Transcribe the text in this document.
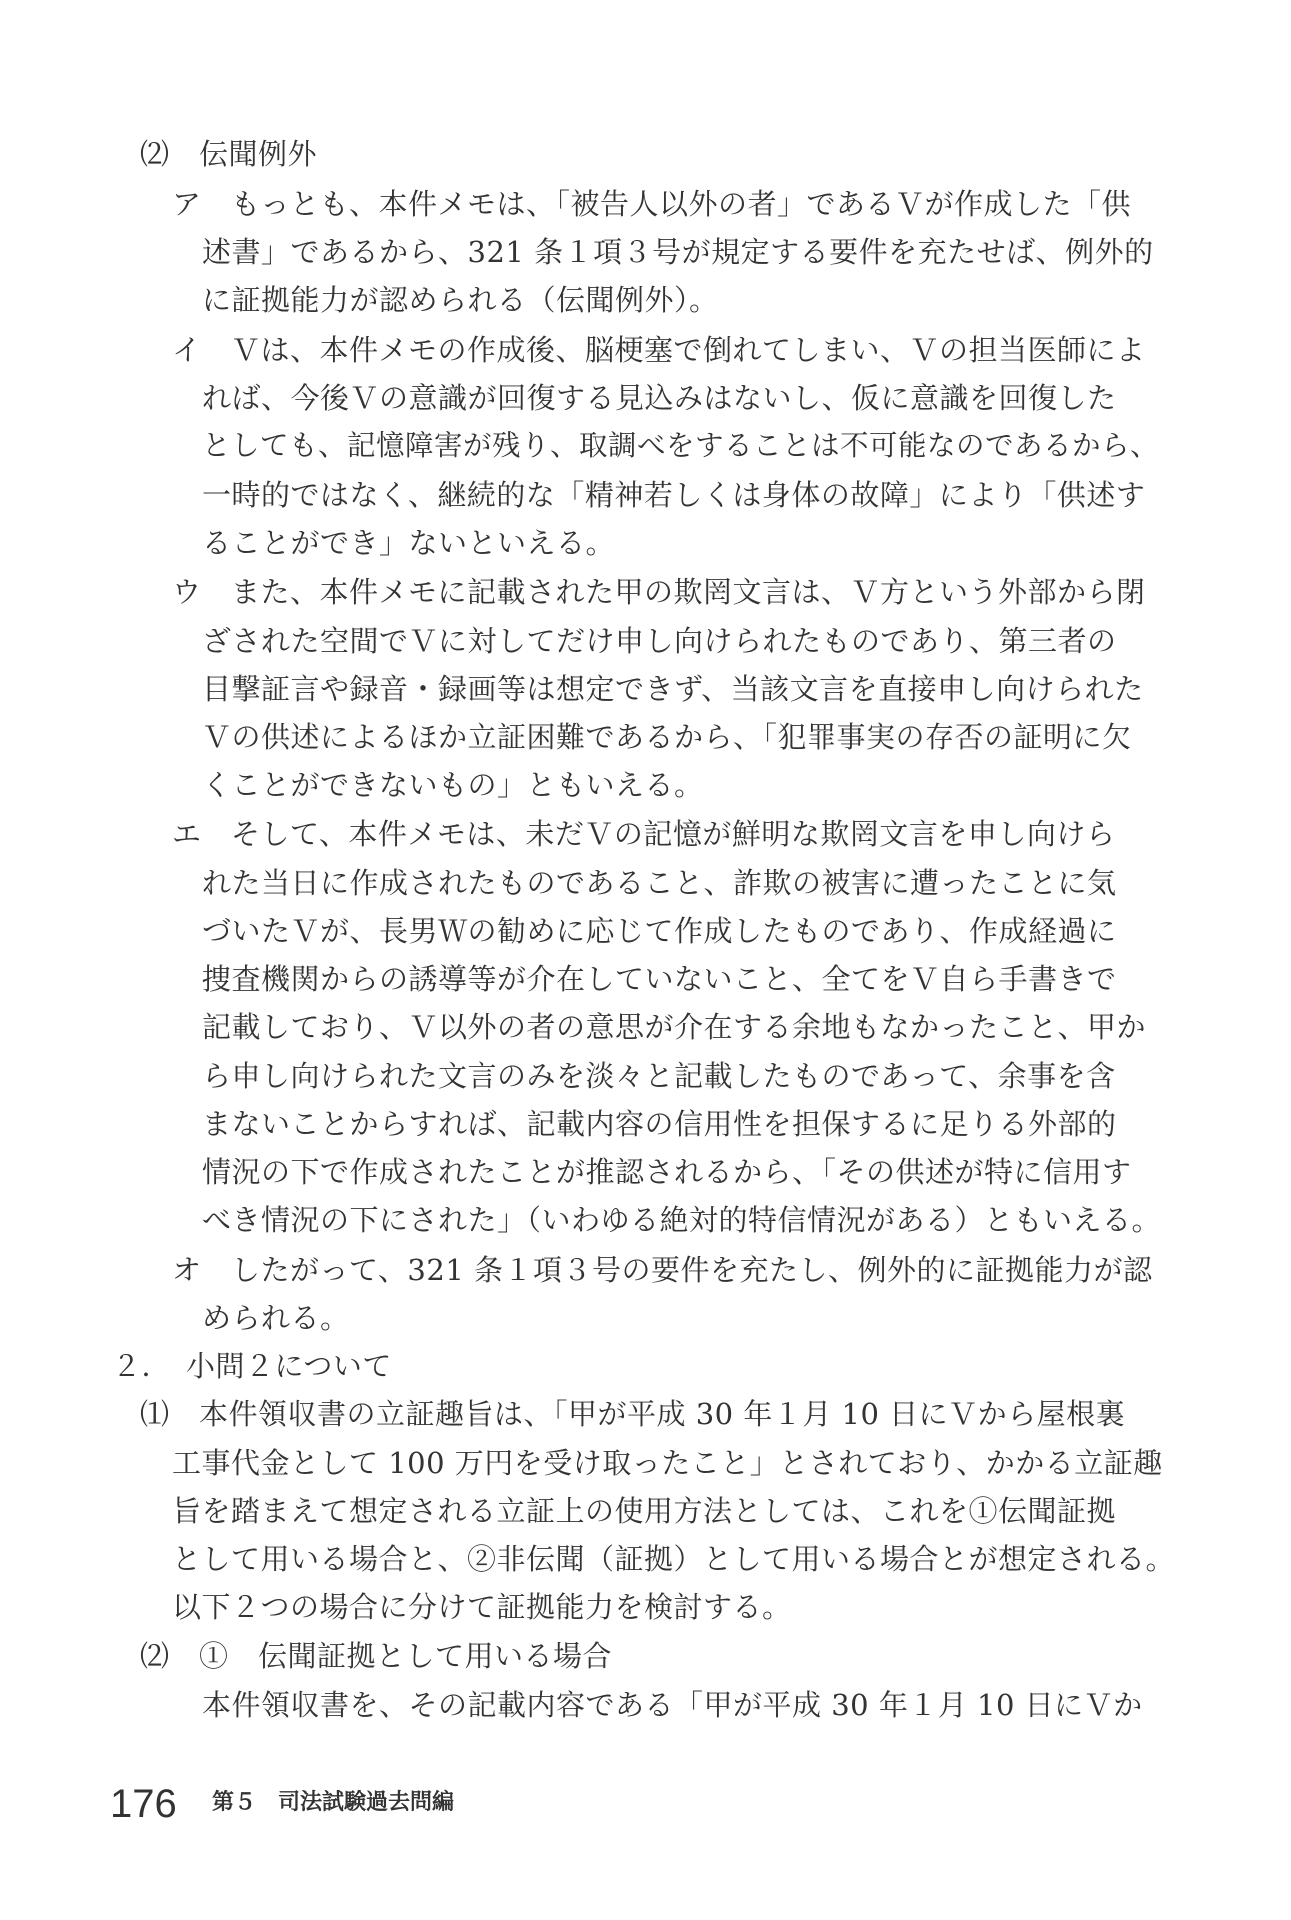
⑵　伝聞例外
ア　もっとも、本件メモは、「被告人以外の者」であるＶが作成した「供
述書」であるから、321 条１項３号が規定する要件を充たせば、例外的
に証拠能力が認められる（伝聞例外）。
イ　Ｖは、本件メモの作成後、脳梗塞で倒れてしまい、Ｖの担当医師によ
れば、今後Ｖの意識が回復する見込みはないし、仮に意識を回復した
としても、記憶障害が残り、取調べをすることは不可能なのであるから、
一時的ではなく、継続的な「精神若しくは身体の故障」により「供述す
ることができ」ないといえる。
ウ　また、本件メモに記載された甲の欺罔文言は、Ｖ方という外部から閉
ざされた空間でＶに対してだけ申し向けられたものであり、第三者の
目撃証言や録音・録画等は想定できず、当該文言を直接申し向けられた
Ｖの供述によるほか立証困難であるから、「犯罪事実の存否の証明に欠
くことができないもの」ともいえる。
エ　そして、本件メモは、未だＶの記憶が鮮明な欺罔文言を申し向けら
れた当日に作成されたものであること、詐欺の被害に遭ったことに気
づいたＶが、長男Ｗの勧めに応じて作成したものであり、作成経過に
捜査機関からの誘導等が介在していないこと、全てをＶ自ら手書きで
記載しており、Ｖ以外の者の意思が介在する余地もなかったこと、甲か
ら申し向けられた文言のみを淡々と記載したものであって、余事を含
まないことからすれば、記載内容の信用性を担保するに足りる外部的
情況の下で作成されたことが推認されるから、「その供述が特に信用す
べき情況の下にされた」（いわゆる絶対的特信情況がある）ともいえる。
オ　したがって、321 条１項３号の要件を充たし、例外的に証拠能力が認
められる。
２．　小問２について
⑴　本件領収書の立証趣旨は、「甲が平成 30 年１月 10 日にＶから屋根裏
工事代金として 100 万円を受け取ったこと」とされており、かかる立証趣
旨を踏まえて想定される立証上の使用方法としては、これを①伝聞証拠
として用いる場合と、②非伝聞（証拠）として用いる場合とが想定される。
以下２つの場合に分けて証拠能力を検討する。
⑵　①　伝聞証拠として用いる場合
本件領収書を、その記載内容である「甲が平成 30 年１月 10 日にＶか
176 第５　司法試験過去問編
